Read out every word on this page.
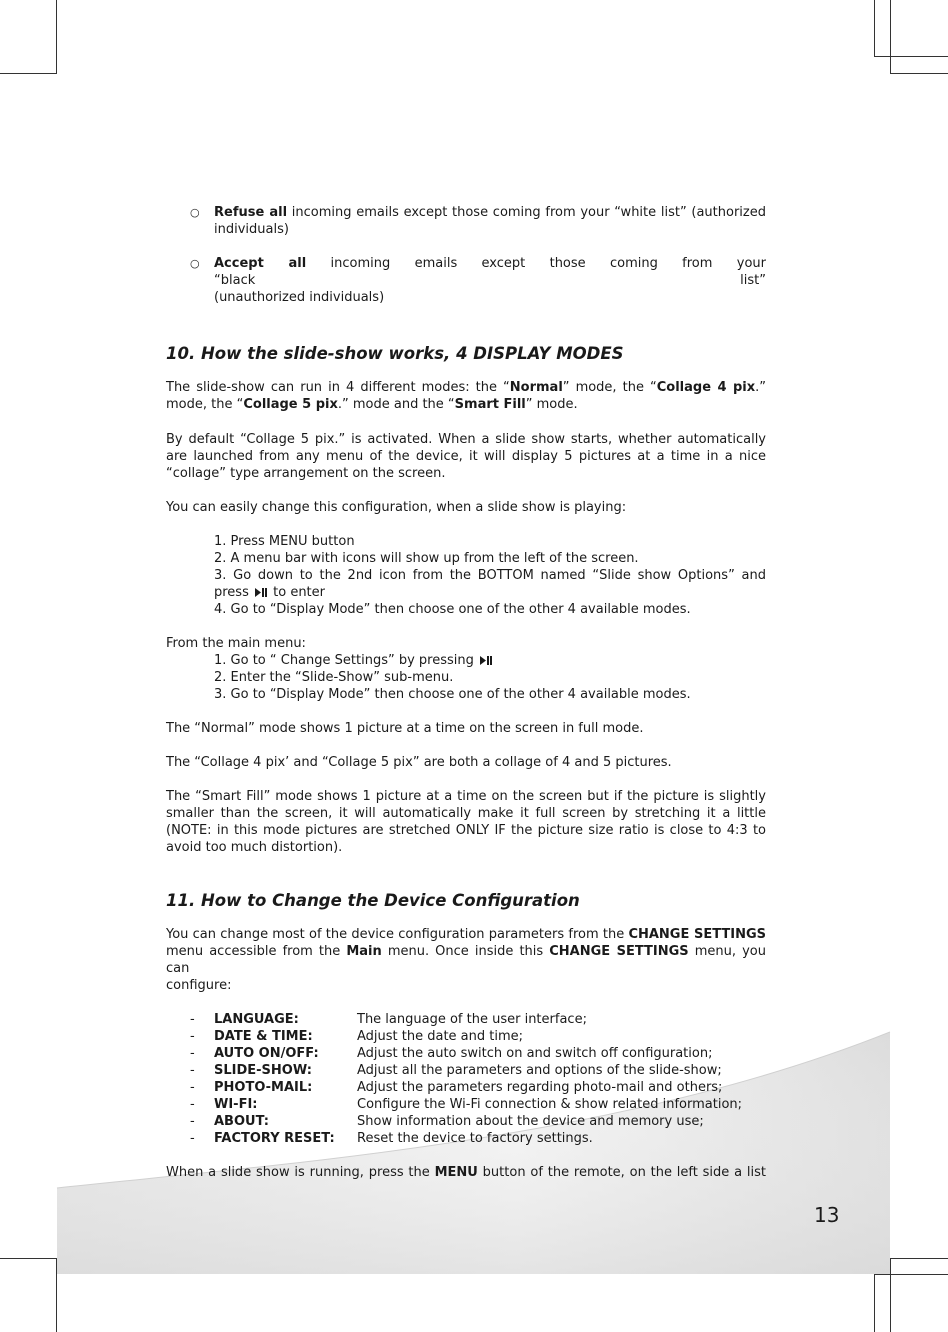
○ Refuse all incoming emails except those coming from your “white list” (authorized

individuals)

○ Accept all incoming emails except those coming from your “black list”

(unauthorized individuals)

10. How the slide-show works, 4 DISPLAY MODES

The slide-show can run in 4 different modes: the “Normal” mode, the “Collage 4 pix.”

mode, the “Collage 5 pix.” mode and the “Smart Fill” mode.

By default “Collage 5 pix.” is activated. When a slide show starts, whether automatically

are launched from any menu of the device, it will display 5 pictures at a time in a nice

“collage” type arrangement on the screen.

You can easily change this configuration, when a slide show is playing:

1. Press MENU button

2. A menu bar with icons will show up from the left of the screen.

3. Go down to the 2nd icon from the BOTTOM named “Slide show Options” and

press to enter

4. Go to “Display Mode” then choose one of the other 4 available modes.

From the main menu:

1. Go to “ Change Settings” by pressing

2. Enter the “Slide-Show” sub-menu.

3. Go to “Display Mode” then choose one of the other 4 available modes.

The “Normal” mode shows 1 picture at a time on the screen in full mode.

The “Collage 4 pix’ and “Collage 5 pix” are both a collage of 4 and 5 pictures.

The “Smart Fill” mode shows 1 picture at a time on the screen but if the picture is slightly

smaller than the screen, it will automatically make it full screen by stretching it a little

(NOTE: in this mode pictures are stretched ONLY IF the picture size ratio is close to 4:3 to

avoid too much distortion).

11. How to Change the Device Configuration

You can change most of the device configuration parameters from the CHANGE SETTINGS

menu accessible from the Main menu. Once inside this CHANGE SETTINGS menu, you can

configure:

- LANGUAGE:	The language of the user interface;
- DATE & TIME:	Adjust the date and time;
- AUTO ON/OFF:	Adjust the auto switch on and switch off configuration;
- SLIDE-SHOW:	Adjust all the parameters and options of the slide-show;
- PHOTO-MAIL:	Adjust the parameters regarding photo-mail and others;
- WI-FI:	Configure the Wi-Fi connection & show related information;
- ABOUT:	Show information about the device and memory use;
- FACTORY RESET: Reset the device to factory settings.

When a slide show is running, press the MENU button of the remote, on the left side a list

13
